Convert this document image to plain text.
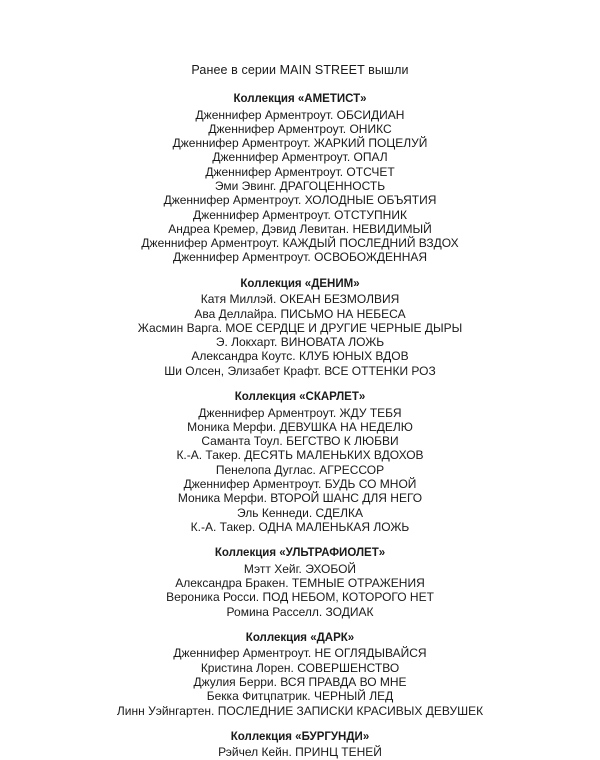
Ранее в серии MAIN STREET вышли

Коллекция «АМЕТИСТ»

Дженнифер Арментроут. ОБСИДИАН
Дженнифер Арментроут. ОНИКС
Дженнифер Арментроут. ЖАРКИЙ ПОЦЕЛУЙ
Дженнифер Арментроут. ОПАЛ
Дженнифер Арментроут. ОТСЧЕТ
Эми Эвинг. ДРАГОЦЕННОСТЬ
Дженнифер Арментроут. ХОЛОДНЫЕ ОБЪЯТИЯ
Дженнифер Арментроут. ОТСТУПНИК
Андреа Кремер, Дэвид Левитан. НЕВИДИМЫЙ
Дженнифер Арментроут. КАЖДЫЙ ПОСЛЕДНИЙ ВЗДОХ
Дженнифер Арментроут. ОСВОБОЖДЕННАЯ

Коллекция «ДЕНИМ»

Катя Миллэй. ОКЕАН БЕЗМОЛВИЯ
Ава Деллайра. ПИСЬМО НА НЕБЕСА
Жасмин Варга. МОЕ СЕРДЦЕ И ДРУГИЕ ЧЕРНЫЕ ДЫРЫ
Э. Локхарт. ВИНОВАТА ЛОЖЬ
Александра Коутс. КЛУБ ЮНЫХ ВДОВ
Ши Олсен, Элизабет Крафт. ВСЕ ОТТЕНКИ РОЗ

Коллекция «СКАРЛЕТ»

Дженнифер Арментроут. ЖДУ ТЕБЯ
Моника Мерфи. ДЕВУШКА НА НЕДЕЛЮ
Саманта Тоул. БЕГСТВО К ЛЮБВИ
К.-А. Такер. ДЕСЯТЬ МАЛЕНЬКИХ ВДОХОВ
Пенелопа Дуглас. АГРЕССОР
Дженнифер Арментроут. БУДЬ СО МНОЙ
Моника Мерфи. ВТОРОЙ ШАНС ДЛЯ НЕГО
Эль Кеннеди. СДЕЛКА
К.-А. Такер. ОДНА МАЛЕНЬКАЯ ЛОЖЬ

Коллекция «УЛЬТРАФИОЛЕТ»

Мэтт Хейг. ЭХОБОЙ
Александра Бракен. ТЕМНЫЕ ОТРАЖЕНИЯ
Вероника Росси. ПОД НЕБОМ, КОТОРОГО НЕТ
Ромина Расселл. ЗОДИАК

Коллекция «ДАРК»

Дженнифер Арментроут. НЕ ОГЛЯДЫВАЙСЯ
Кристина Лорен. СОВЕРШЕНСТВО
Джулия Берри. ВСЯ ПРАВДА ВО МНЕ
Бекка Фитцпатрик. ЧЕРНЫЙ ЛЕД
Линн Уэйнгартен. ПОСЛЕДНИЕ ЗАПИСКИ КРАСИВЫХ ДЕВУШЕК

Коллекция «БУРГУНДИ»

Рэйчел Кейн. ПРИНЦ ТЕНЕЙ
